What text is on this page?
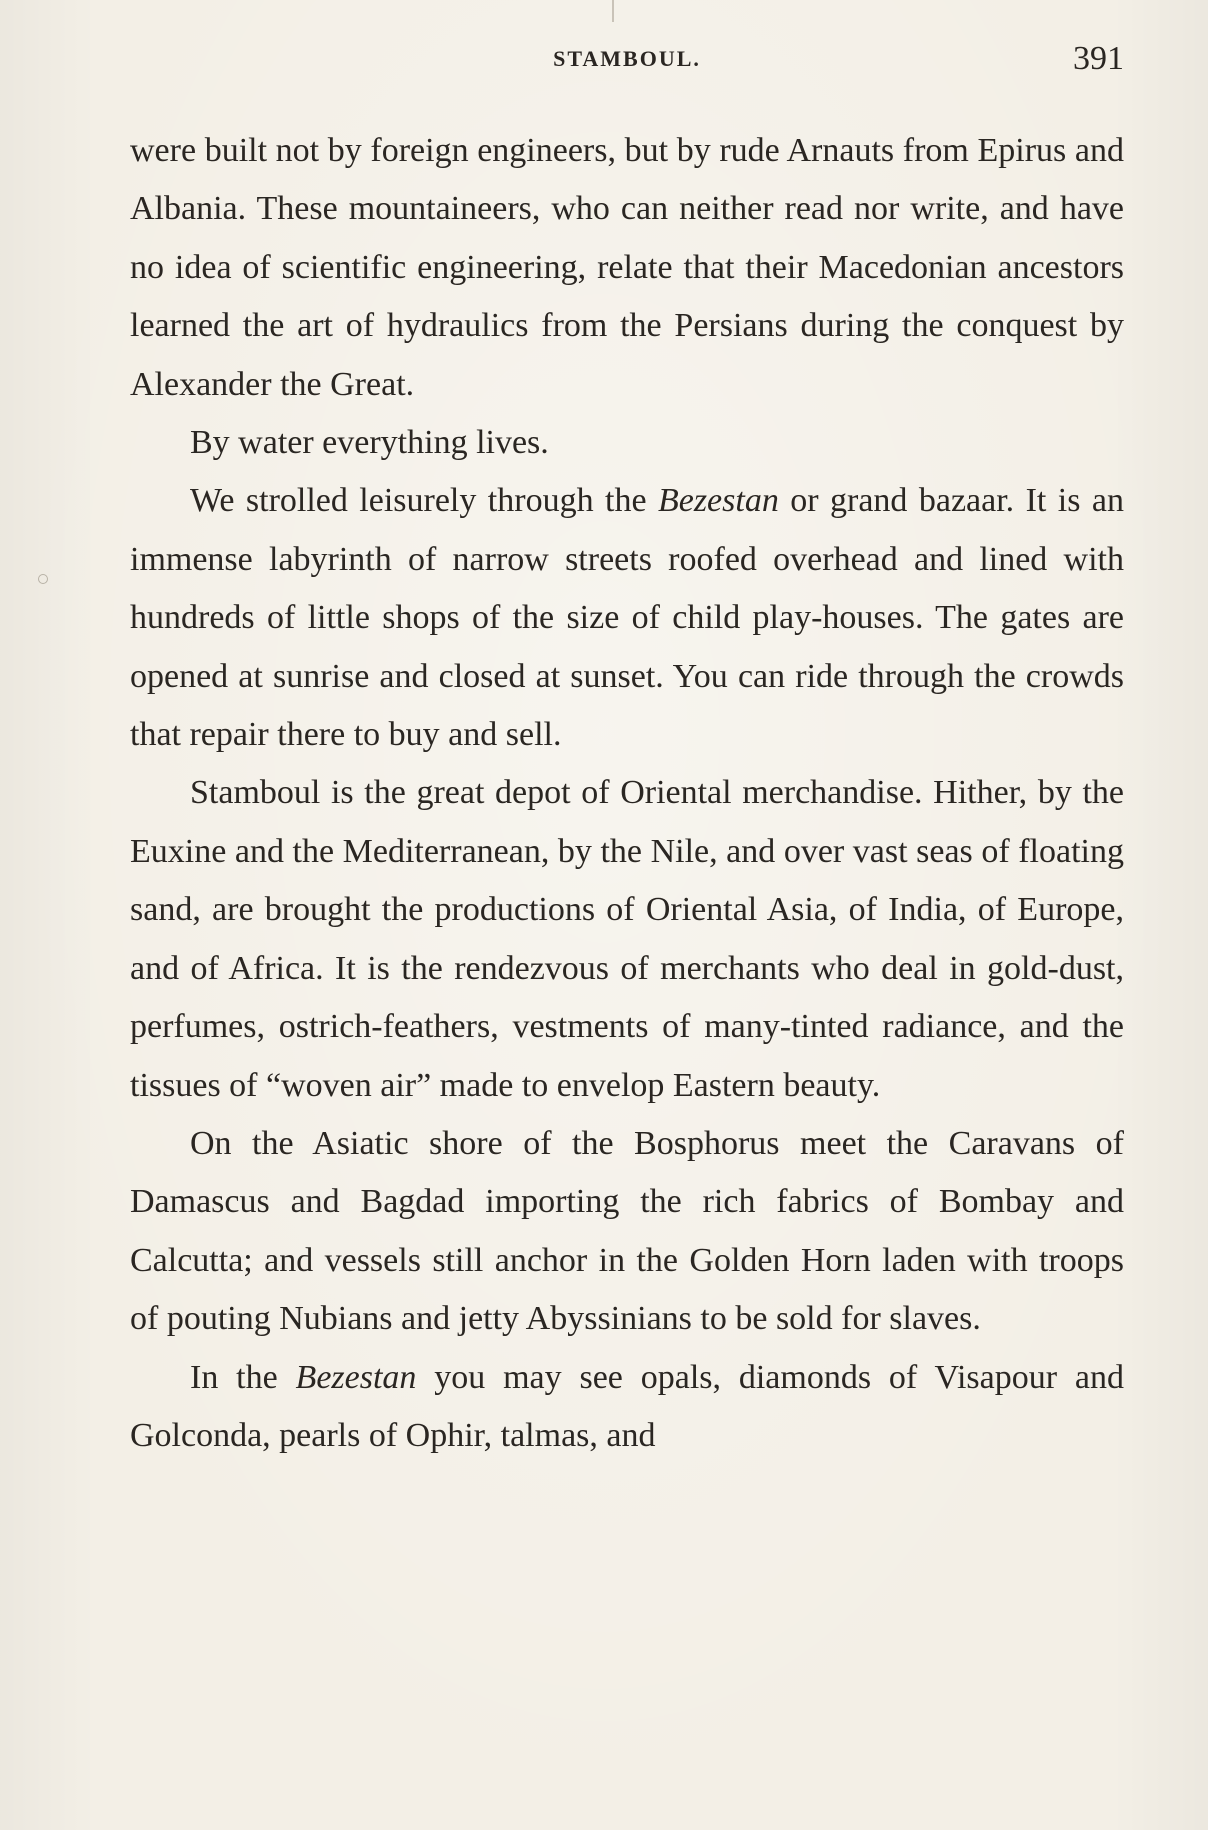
STAMBOUL.	391

were built not by foreign engineers, but by rude Arnauts from Epirus and Albania. These mountaineers, who can neither read nor write, and have no idea of scientific engineering, relate that their Macedonian ancestors learned the art of hydraulics from the Persians during the conquest by Alexander the Great.

By water everything lives.

We strolled leisurely through the Bezestan or grand bazaar. It is an immense labyrinth of narrow streets roofed overhead and lined with hundreds of little shops of the size of child play-houses. The gates are opened at sunrise and closed at sunset. You can ride through the crowds that repair there to buy and sell.

Stamboul is the great depot of Oriental merchandise. Hither, by the Euxine and the Mediterranean, by the Nile, and over vast seas of floating sand, are brought the productions of Oriental Asia, of India, of Europe, and of Africa. It is the rendezvous of merchants who deal in gold-dust, perfumes, ostrich-feathers, vestments of many-tinted radiance, and the tissues of “woven air” made to envelop Eastern beauty.

On the Asiatic shore of the Bosphorus meet the Caravans of Damascus and Bagdad importing the rich fabrics of Bombay and Calcutta; and vessels still anchor in the Golden Horn laden with troops of pouting Nubians and jetty Abyssinians to be sold for slaves.

In the Bezestan you may see opals, diamonds of Visapour and Golconda, pearls of Ophir, talmas, and
